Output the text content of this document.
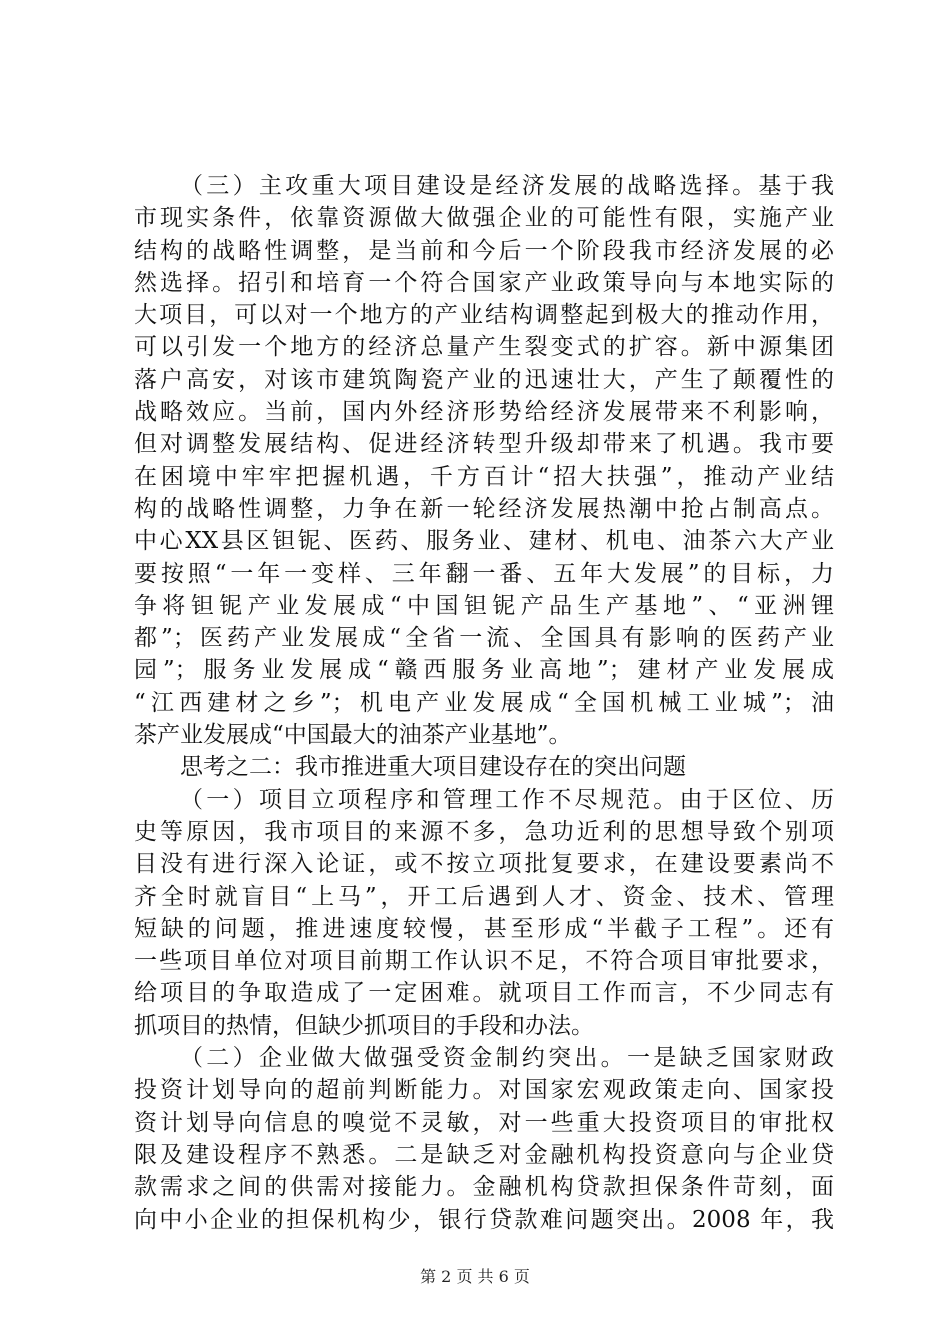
（三）主攻重大项目建设是经济发展的战略选择。基于我
市现实条件，依靠资源做大做强企业的可能性有限，实施产业
结构的战略性调整，是当前和今后一个阶段我市经济发展的必
然选择。招引和培育一个符合国家产业政策导向与本地实际的
大项目，可以对一个地方的产业结构调整起到极大的推动作用，
可以引发一个地方的经济总量产生裂变式的扩容。新中源集团
落户高安，对该市建筑陶瓷产业的迅速壮大，产生了颠覆性的
战略效应。当前，国内外经济形势给经济发展带来不利影响，
但对调整发展结构、促进经济转型升级却带来了机遇。我市要
在困境中牢牢把握机遇，千方百计“招大扶强”，推动产业结
构的战略性调整，力争在新一轮经济发展热潮中抢占制高点。
中心XX县区钽铌、医药、服务业、建材、机电、油茶六大产业
要按照“一年一变样、三年翻一番、五年大发展”的目标，力
争将钽铌产业发展成“中国钽铌产品生产基地”、“亚洲锂
都”；医药产业发展成“全省一流、全国具有影响的医药产业
园”；服务业发展成“赣西服务业高地”；建材产业发展成
“江西建材之乡”；机电产业发展成“全国机械工业城”；油
茶产业发展成“中国最大的油茶产业基地”。
思考之二：我市推进重大项目建设存在的突出问题
（一）项目立项程序和管理工作不尽规范。由于区位、历
史等原因，我市项目的来源不多，急功近利的思想导致个别项
目没有进行深入论证，或不按立项批复要求，在建设要素尚不
齐全时就盲目“上马”，开工后遇到人才、资金、技术、管理
短缺的问题，推进速度较慢，甚至形成“半截子工程”。还有
一些项目单位对项目前期工作认识不足，不符合项目审批要求，
给项目的争取造成了一定困难。就项目工作而言，不少同志有
抓项目的热情，但缺少抓项目的手段和办法。
（二）企业做大做强受资金制约突出。一是缺乏国家财政
投资计划导向的超前判断能力。对国家宏观政策走向、国家投
资计划导向信息的嗅觉不灵敏，对一些重大投资项目的审批权
限及建设程序不熟悉。二是缺乏对金融机构投资意向与企业贷
款需求之间的供需对接能力。金融机构贷款担保条件苛刻，面
向中小企业的担保机构少，银行贷款难问题突出。2008 年，我
第 2 页 共 6 页
